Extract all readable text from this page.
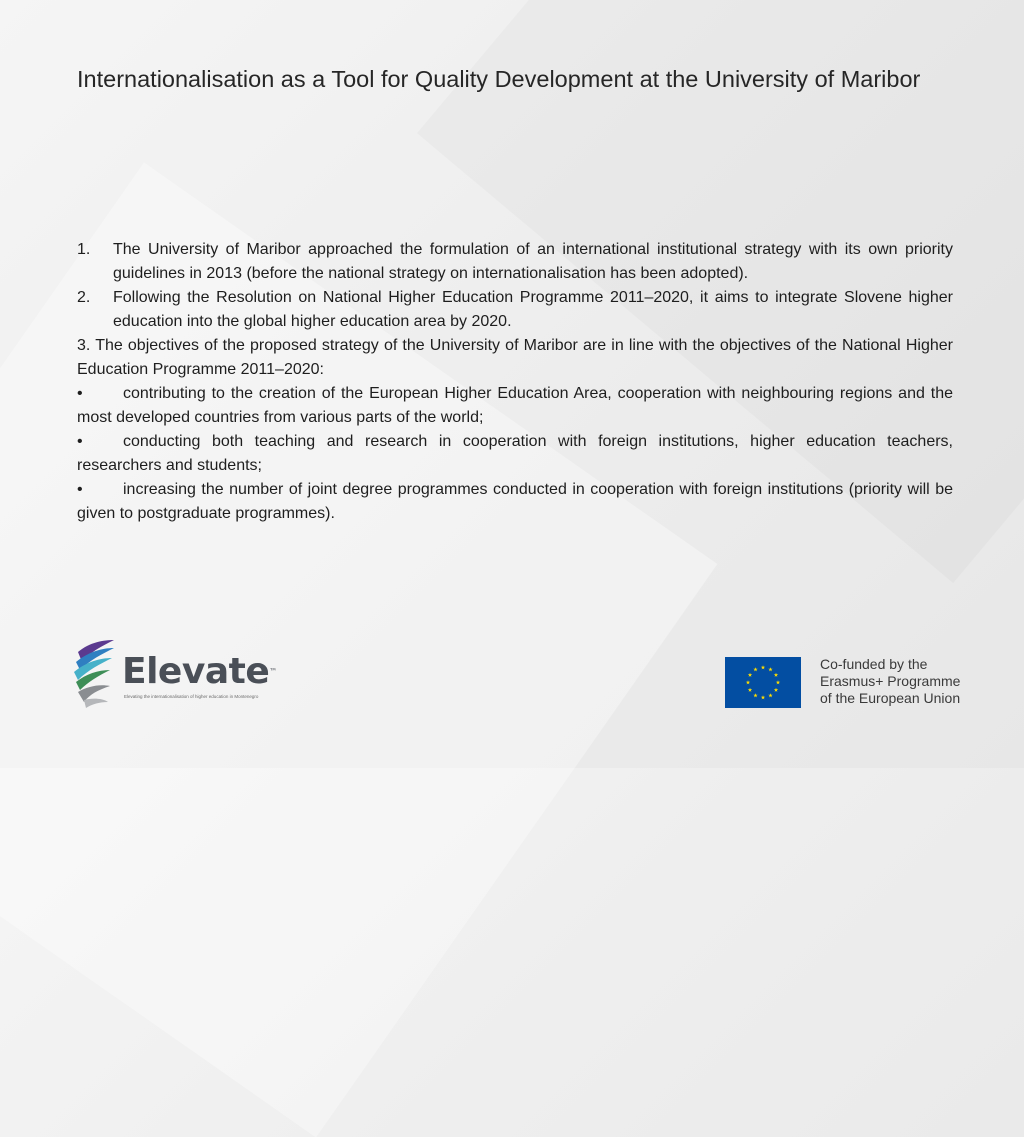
Internationalisation as a Tool for Quality Development at the University of Maribor
1.	The University of Maribor approached the formulation of an international institutional strategy with its own priority guidelines in 2013 (before the national strategy on internationalisation has been adopted).
2.	Following the Resolution on National Higher Education Programme 2011–2020, it aims to integrate Slovene higher education into the global higher education area by 2020.
3. The objectives of the proposed strategy of the University of Maribor are in line with the objectives of the National Higher Education Programme 2011–2020:
•	contributing to the creation of the European Higher Education Area, cooperation with neighbouring regions and the most developed countries from various parts of the world;
•	conducting both teaching and research in cooperation with foreign institutions, higher education teachers, researchers and students;
•	increasing the number of joint degree programmes conducted in cooperation with foreign institutions (priority will be given to postgraduate programmes).
Elevate™
Elevating the internationalisation of higher education in Montenegro
Co-funded by the
Erasmus+ Programme
of the European Union
